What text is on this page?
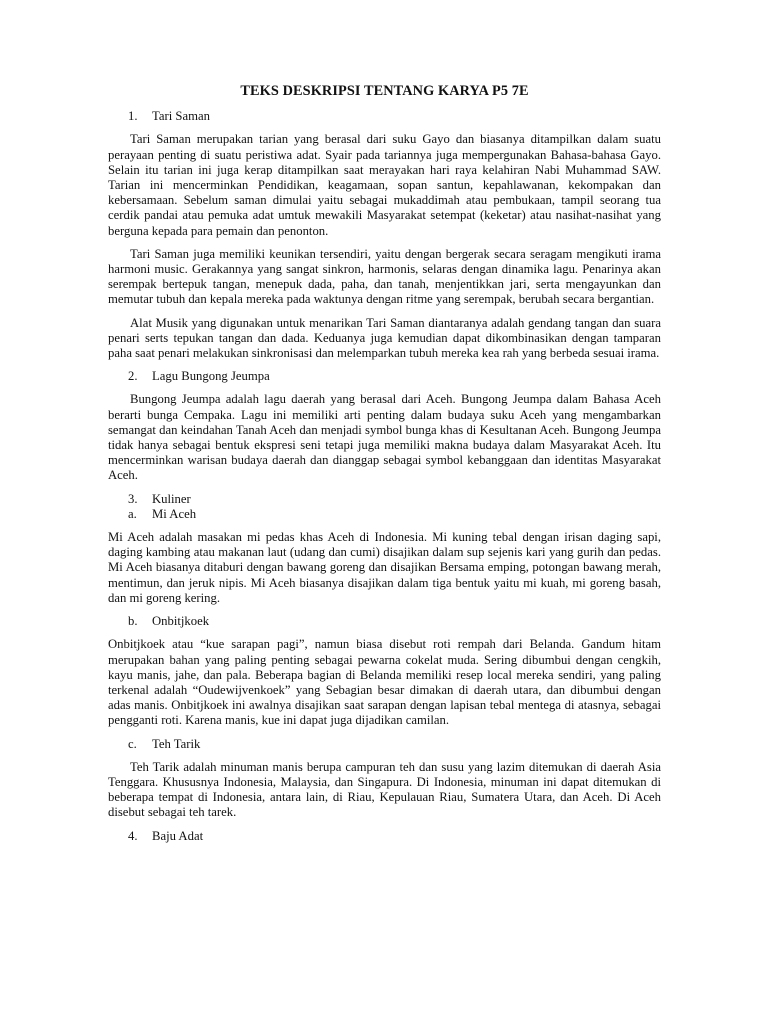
TEKS DESKRIPSI TENTANG KARYA P5 7E
1.	Tari Saman

Tari Saman merupakan tarian yang berasal dari suku Gayo dan biasanya ditampilkan dalam suatu perayaan penting di suatu peristiwa adat. Syair pada tariannya juga mempergunakan Bahasa-bahasa Gayo. Selain itu tarian ini juga kerap ditampilkan saat merayakan hari raya kelahiran Nabi Muhammad SAW. Tarian ini mencerminkan Pendidikan, keagamaan, sopan santun, kepahlawanan, kekompakan dan kebersamaan. Sebelum saman dimulai yaitu sebagai mukaddimah atau pembukaan, tampil seorang tua cerdik pandai atau pemuka adat umtuk mewakili Masyarakat setempat (keketar) atau nasihat-nasihat yang berguna kepada para pemain dan penonton.

Tari Saman juga memiliki keunikan tersendiri, yaitu dengan bergerak secara seragam mengikuti irama harmoni music. Gerakannya yang sangat sinkron, harmonis, selaras dengan dinamika lagu. Penarinya akan serempak bertepuk tangan, menepuk dada, paha, dan tanah, menjentikkan jari, serta mengayunkan dan memutar tubuh dan kepala mereka pada waktunya dengan ritme yang serempak, berubah secara bergantian.

Alat Musik yang digunakan untuk menarikan Tari Saman diantaranya adalah gendang tangan dan suara penari serts tepukan tangan dan dada. Keduanya juga kemudian dapat dikombinasikan dengan tamparan paha saat penari melakukan sinkronisasi dan melemparkan tubuh mereka kea rah yang berbeda sesuai irama.

2.	Lagu Bungong Jeumpa

Bungong Jeumpa adalah lagu daerah yang berasal dari Aceh. Bungong Jeumpa dalam Bahasa Aceh berarti bunga Cempaka. Lagu ini memiliki arti penting dalam budaya suku Aceh yang mengambarkan semangat dan keindahan Tanah Aceh dan menjadi symbol bunga khas di Kesultanan Aceh. Bungong Jeumpa tidak hanya sebagai bentuk ekspresi seni tetapi juga memiliki makna budaya dalam Masyarakat Aceh. Itu mencerminkan warisan budaya daerah dan dianggap sebagai symbol kebanggaan dan identitas Masyarakat Aceh.

3.	Kuliner
a.	Mi Aceh

Mi Aceh adalah masakan mi pedas khas Aceh di Indonesia. Mi kuning tebal dengan irisan daging sapi, daging kambing atau makanan laut (udang dan cumi) disajikan dalam sup sejenis kari yang gurih dan pedas. Mi Aceh biasanya ditaburi dengan bawang goreng dan disajikan Bersama emping, potongan bawang merah, mentimun, dan jeruk nipis. Mi Aceh biasanya disajikan dalam tiga bentuk yaitu mi kuah, mi goreng basah, dan mi goreng kering.

b.	Onbitjkoek

Onbitjkoek atau “kue sarapan pagi”, namun biasa disebut roti rempah dari Belanda. Gandum hitam merupakan bahan yang paling penting sebagai pewarna cokelat muda. Sering dibumbui dengan cengkih, kayu manis, jahe, dan pala. Beberapa bagian di Belanda memiliki resep local mereka sendiri, yang paling terkenal adalah “Oudewijvenkoek” yang Sebagian besar dimakan di daerah utara, dan dibumbui dengan adas manis. Onbitjkoek ini awalnya disajikan saat sarapan dengan lapisan tebal mentega di atasnya, sebagai pengganti roti. Karena manis, kue ini dapat juga dijadikan camilan.

c.	Teh Tarik

Teh Tarik adalah minuman manis berupa campuran teh dan susu yang lazim ditemukan di daerah Asia Tenggara. Khususnya Indonesia, Malaysia, dan Singapura. Di Indonesia, minuman ini dapat ditemukan di beberapa tempat di Indonesia, antara lain, di Riau, Kepulauan Riau, Sumatera Utara, dan Aceh. Di Aceh disebut sebagai teh tarek.

4.	Baju Adat
